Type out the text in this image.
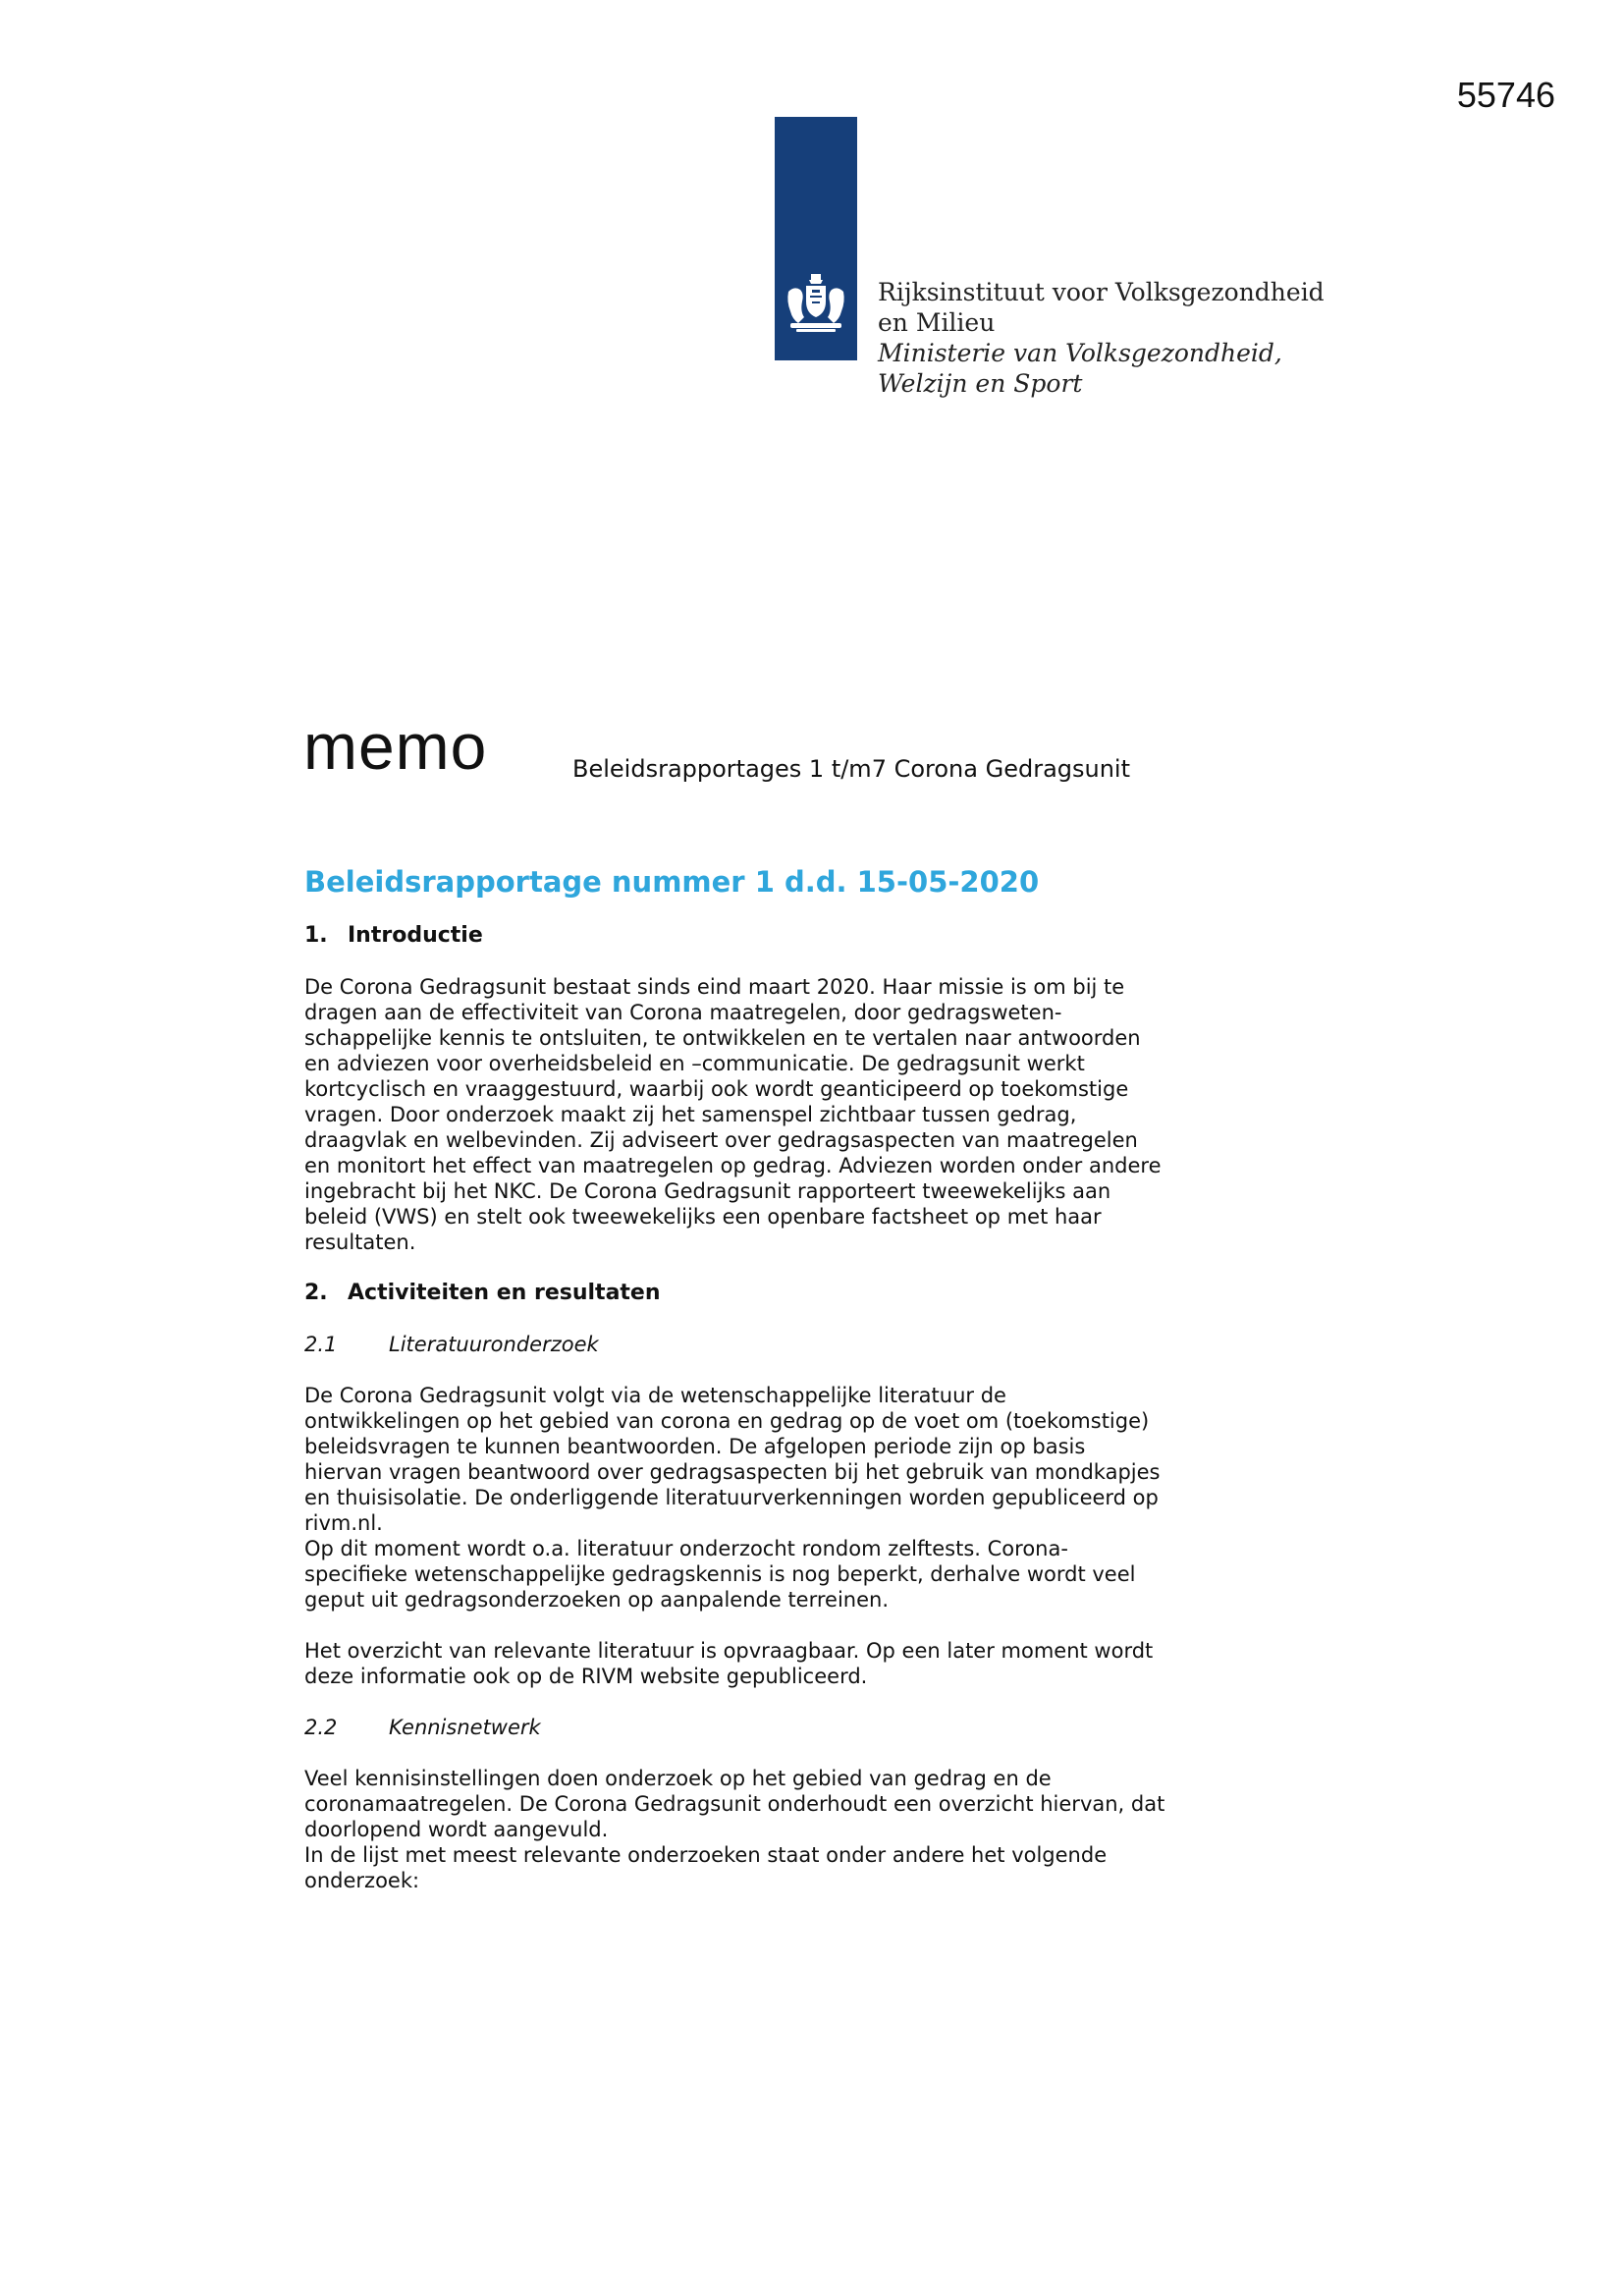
55746
Rijksinstituut voor Volksgezondheid
en Milieu
Ministerie van Volksgezondheid,
Welzijn en Sport
memo	Beleidsrapportages 1 t/m7 Corona Gedragsunit
Beleidsrapportage nummer 1 d.d. 15-05-2020
1. Introductie
De Corona Gedragsunit bestaat sinds eind maart 2020. Haar missie is om bij te
dragen aan de effectiviteit van Corona maatregelen, door gedragsweten-
schappelijke kennis te ontsluiten, te ontwikkelen en te vertalen naar antwoorden
en adviezen voor overheidsbeleid en –communicatie. De gedragsunit werkt
kortcyclisch en vraaggestuurd, waarbij ook wordt geanticipeerd op toekomstige
vragen. Door onderzoek maakt zij het samenspel zichtbaar tussen gedrag,
draagvlak en welbevinden. Zij adviseert over gedragsaspecten van maatregelen
en monitort het effect van maatregelen op gedrag. Adviezen worden onder andere
ingebracht bij het NKC. De Corona Gedragsunit rapporteert tweewekelijks aan
beleid (VWS) en stelt ook tweewekelijks een openbare factsheet op met haar
resultaten.
2. Activiteiten en resultaten
2.1	Literatuuronderzoek
De Corona Gedragsunit volgt via de wetenschappelijke literatuur de
ontwikkelingen op het gebied van corona en gedrag op de voet om (toekomstige)
beleidsvragen te kunnen beantwoorden. De afgelopen periode zijn op basis
hiervan vragen beantwoord over gedragsaspecten bij het gebruik van mondkapjes
en thuisisolatie. De onderliggende literatuurverkenningen worden gepubliceerd op
rivm.nl.
Op dit moment wordt o.a. literatuur onderzocht rondom zelftests. Corona-
specifieke wetenschappelijke gedragskennis is nog beperkt, derhalve wordt veel
geput uit gedragsonderzoeken op aanpalende terreinen.
Het overzicht van relevante literatuur is opvraagbaar. Op een later moment wordt
deze informatie ook op de RIVM website gepubliceerd.
2.2	Kennisnetwerk
Veel kennisinstellingen doen onderzoek op het gebied van gedrag en de
coronamaatregelen. De Corona Gedragsunit onderhoudt een overzicht hiervan, dat
doorlopend wordt aangevuld.
In de lijst met meest relevante onderzoeken staat onder andere het volgende
onderzoek:
